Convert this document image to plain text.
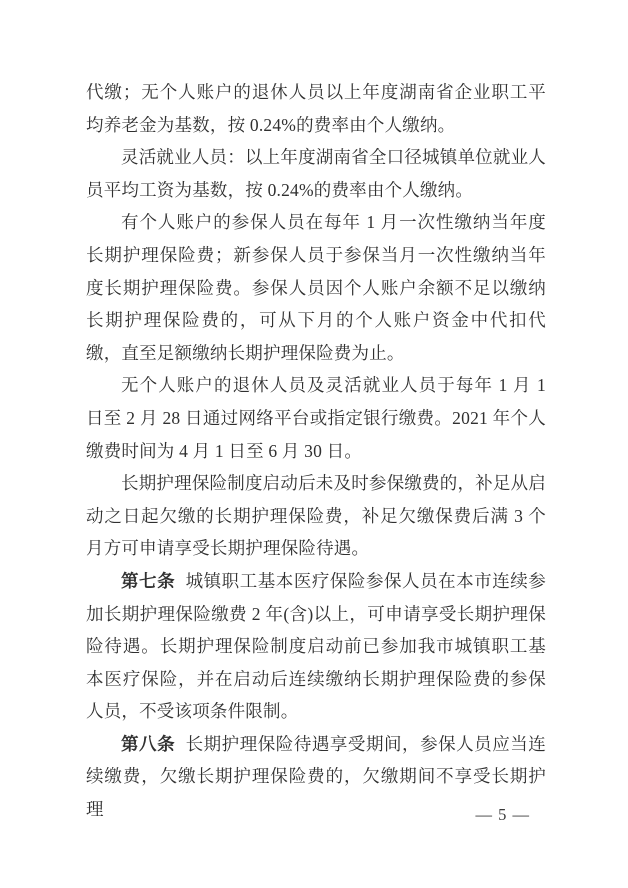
代缴；无个人账户的退休人员以上年度湖南省企业职工平均养老金为基数，按 0.24%的费率由个人缴纳。

灵活就业人员：以上年度湖南省全口径城镇单位就业人员平均工资为基数，按 0.24%的费率由个人缴纳。

有个人账户的参保人员在每年 1 月一次性缴纳当年度长期护理保险费；新参保人员于参保当月一次性缴纳当年度长期护理保险费。参保人员因个人账户余额不足以缴纳长期护理保险费的，可从下月的个人账户资金中代扣代缴，直至足额缴纳长期护理保险费为止。

无个人账户的退休人员及灵活就业人员于每年 1 月 1 日至 2 月 28 日通过网络平台或指定银行缴费。2021 年个人缴费时间为 4 月 1 日至 6 月 30 日。

长期护理保险制度启动后未及时参保缴费的，补足从启动之日起欠缴的长期护理保险费，补足欠缴保费后满 3 个月方可申请享受长期护理保险待遇。

第七条 城镇职工基本医疗保险参保人员在本市连续参加长期护理保险缴费 2 年(含)以上，可申请享受长期护理保险待遇。长期护理保险制度启动前已参加我市城镇职工基本医疗保险，并在启动后连续缴纳长期护理保险费的参保人员，不受该项条件限制。

第八条 长期护理保险待遇享受期间，参保人员应当连续缴费，欠缴长期护理保险费的，欠缴期间不享受长期护理	— 5 —
